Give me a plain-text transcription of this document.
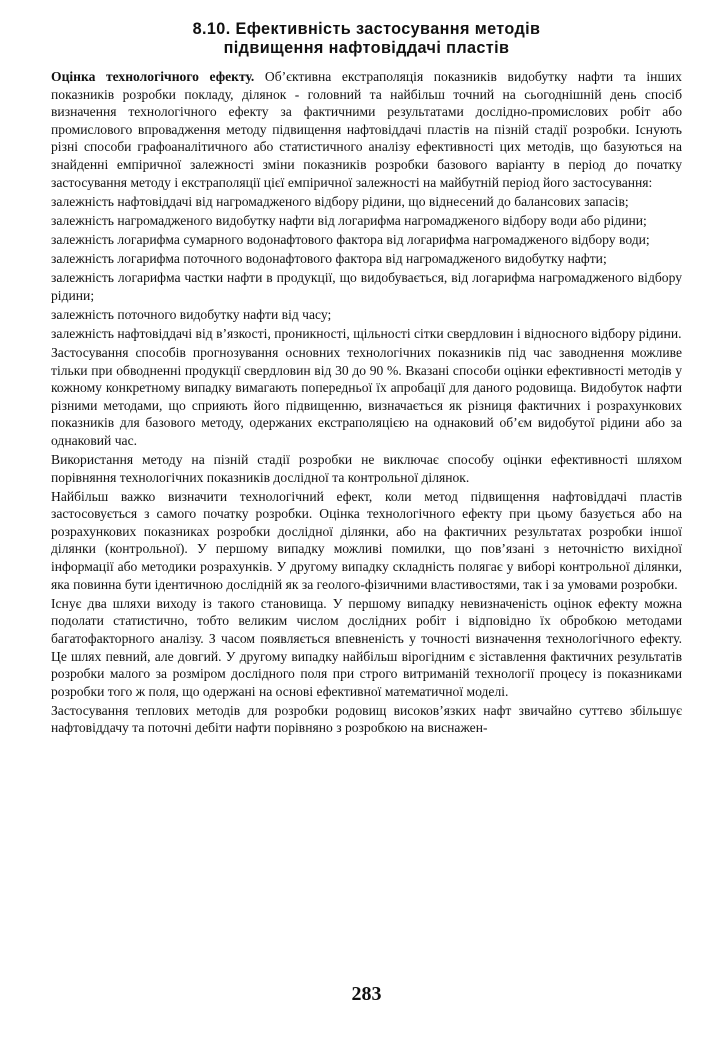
8.10. Ефективність застосування методів
підвищення нафтовіддачі пластів

Оцінка технологічного ефекту. Об’єктивна екстраполяція показників видобутку нафти та інших показників розробки покладу, ділянок - головний та найбільш точний на сьогоднішній день спосіб визначення технологічного ефекту за фактичними результатами дослідно-промислових робіт або промислового впровадження методу підвищення нафтовіддачі пластів на пізній стадії розробки. Існують різні способи графоаналітичного або статистичного аналізу ефективності цих методів, що базуються на знайденні емпіричної залежності зміни показників розробки базового варіанту в період до початку застосування методу і екстраполяції цієї емпіричної залежності на майбутній період його застосування:

залежність нафтовіддачі від нагромадженого відбору рідини, що віднесений до балансових запасів;

залежність нагромадженого видобутку нафти від логарифма нагромадженого відбору води або рідини;

залежність логарифма сумарного водонафтового фактора від логарифма нагромадженого відбору води;

залежність логарифма поточного водонафтового фактора від нагромадженого видобутку нафти;

залежність логарифма частки нафти в продукції, що видобувається, від логарифма нагромадженого відбору рідини;

залежність поточного видобутку нафти від часу;

залежність нафтовіддачі від в’язкості, проникності, щільності сітки свердловин і відносного відбору рідини.

Застосування способів прогнозування основних технологічних показників під час заводнення можливе тільки при обводненні продукції свердловин від 30 до 90 %. Вказані способи оцінки ефективності методів у кожному конкретному випадку вимагають попередньої їх апробації для даного родовища. Видобуток нафти різними методами, що сприяють його підвищенню, визначається як різниця фактичних і розрахункових показників для базового методу, одержаних екстраполяцією на однаковий об’єм видобутої рідини або за однаковий час.

Використання методу на пізній стадії розробки не виключає способу оцінки ефективності шляхом порівняння технологічних показників дослідної та контрольної ділянок.

Найбільш важко визначити технологічний ефект, коли метод підвищення нафтовіддачі пластів застосовується з самого початку розробки. Оцінка технологічного ефекту при цьому базується або на розрахункових показниках розробки дослідної ділянки, або на фактичних результатах розробки іншої ділянки (контрольної). У першому випадку можливі помилки, що пов’язані з неточністю вихідної інформації або методики розрахунків. У другому випадку складність полягає у виборі контрольної ділянки, яка повинна бути ідентичною дослідній як за геолого-фізичними властивостями, так і за умовами розробки.

Існує два шляхи виходу із такого становища. У першому випадку невизначеність оцінок ефекту можна подолати статистично, тобто великим числом дослідних робіт і відповідно їх обробкою методами багатофакторного аналізу. З часом появляється впевненість у точності визначення технологічного ефекту. Це шлях певний, але довгий. У другому випадку найбільш вірогідним є зіставлення фактичних результатів розробки малого за розміром дослідного поля при строго витриманій технології процесу із показниками розробки того ж поля, що одержані на основі ефективної математичної моделі.

Застосування теплових методів для розробки родовищ високов’язких нафт звичайно суттєво збільшує нафтовіддачу та поточні дебіти нафти порівняно з розробкою на виснажен-

283
